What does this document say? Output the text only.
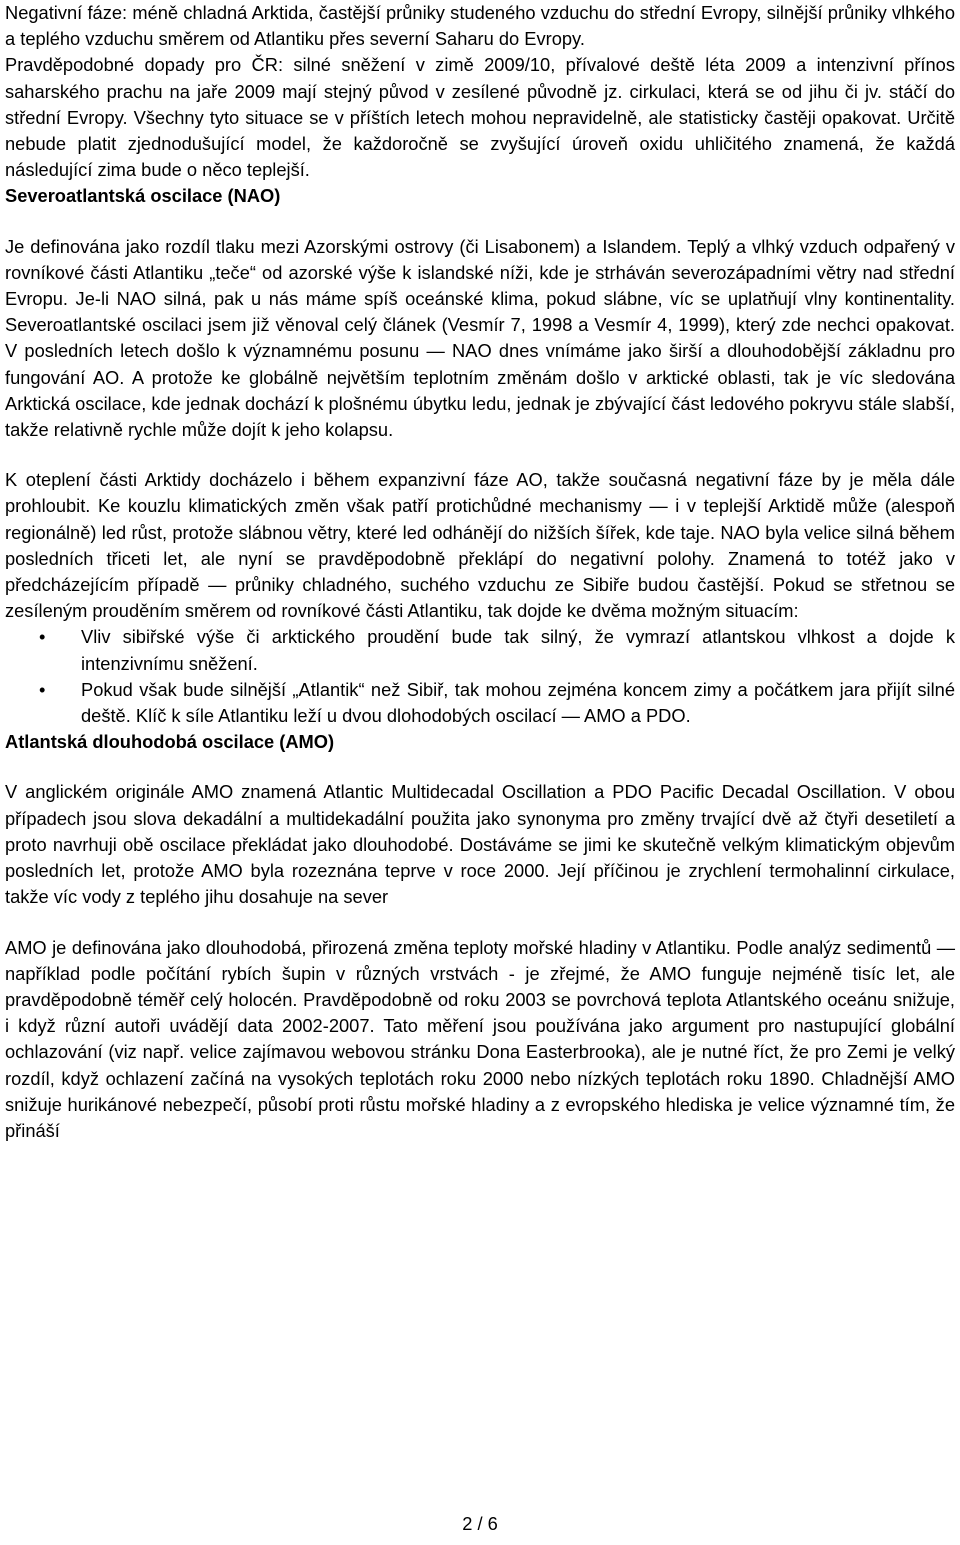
Negativní fáze: méně chladná Arktida, častější průniky studeného vzduchu do střední Evropy, silnější průniky vlhkého a teplého vzduchu směrem od Atlantiku přes severní Saharu do Evropy.

Pravděpodobné dopady pro ČR: silné sněžení v zimě 2009/10, přívalové deště léta 2009 a intenzivní přínos saharského prachu na jaře 2009 mají stejný původ v zesílené původně jz. cirkulaci, která se od jihu či jv. stáčí do střední Evropy. Všechny tyto situace se v příštích letech mohou nepravidelně, ale statisticky častěji opakovat. Určitě nebude platit zjednodušující model, že každoročně se zvyšující úroveň oxidu uhličitého znamená, že každá následující zima bude o něco teplejší.

Severoatlantská oscilace (NAO)

Je definována jako rozdíl tlaku mezi Azorskými ostrovy (či Lisabonem) a Islandem. Teplý a vlhký vzduch odpařený v rovníkové části Atlantiku „teče“ od azorské výše k islandské níži, kde je strháván severozápadními větry nad střední Evropu. Je-li NAO silná, pak u nás máme spíš oceánské klima, pokud slábne, víc se uplatňují vlny kontinentality. Severoatlantské oscilaci jsem již věnoval celý článek (Vesmír 7, 1998 a Vesmír 4, 1999), který zde nechci opakovat. V posledních letech došlo k významnému posunu — NAO dnes vnímáme jako širší a dlouhodobější základnu pro fungování AO. A protože ke globálně největším teplotním změnám došlo v arktické oblasti, tak je víc sledována Arktická oscilace, kde jednak dochází k plošnému úbytku ledu, jednak je zbývající část ledového pokryvu stále slabší, takže relativně rychle může dojít k jeho kolapsu.

K oteplení části Arktidy docházelo i během expanzivní fáze AO, takže současná negativní fáze by je měla dále prohloubit. Ke kouzlu klimatických změn však patří protichůdné mechanismy — i v teplejší Arktidě může (alespoň regionálně) led růst, protože slábnou větry, které led odhánějí do nižších šířek, kde taje. NAO byla velice silná během posledních třiceti let, ale nyní se pravděpodobně překlápí do negativní polohy. Znamená to totéž jako v předcházejícím případě — průniky chladného, suchého vzduchu ze Sibiře budou častější. Pokud se střetnou se zesíleným prouděním směrem od rovníkové části Atlantiku, tak dojde ke dvěma možným situacím:

• Vliv sibiřské výše či arktického proudění bude tak silný, že vymrazí atlantskou vlhkost a dojde k intenzivnímu sněžení.
• Pokud však bude silnější „Atlantik“ než Sibiř, tak mohou zejména koncem zimy a počátkem jara přijít silné deště. Klíč k síle Atlantiku leží u dvou dlohodobých oscilací — AMO a PDO.

Atlantská dlouhodobá oscilace (AMO)

V anglickém originále AMO znamená Atlantic Multidecadal Oscillation a PDO Pacific Decadal Oscillation. V obou případech jsou slova dekadální a multidekadální použita jako synonyma pro změny trvající dvě až čtyři desetiletí a proto navrhuji obě oscilace překládat jako dlouhodobé. Dostáváme se jimi ke skutečně velkým klimatickým objevům posledních let, protože AMO byla rozeznána teprve v roce 2000. Její příčinou je zrychlení termohalinní cirkulace, takže víc vody z teplého jihu dosahuje na sever

AMO je definována jako dlouhodobá, přirozená změna teploty mořské hladiny v Atlantiku. Podle analýz sedimentů — například podle počítání rybích šupin v různých vrstvách - je zřejmé, že AMO funguje nejméně tisíc let, ale pravděpodobně téměř celý holocén. Pravděpodobně od roku 2003 se povrchová teplota Atlantského oceánu snižuje, i když různí autoři uvádějí data 2002-2007. Tato měření jsou používána jako argument pro nastupující globální ochlazování (viz např. velice zajímavou webovou stránku Dona Easterbrooka), ale je nutné říct, že pro Zemi je velký rozdíl, když ochlazení začíná na vysokých teplotách roku 2000 nebo nízkých teplotách roku 1890. Chladnější AMO snižuje hurikánové nebezpečí, působí proti růstu mořské hladiny a z evropského hlediska je velice významné tím, že přináší

2 / 6
